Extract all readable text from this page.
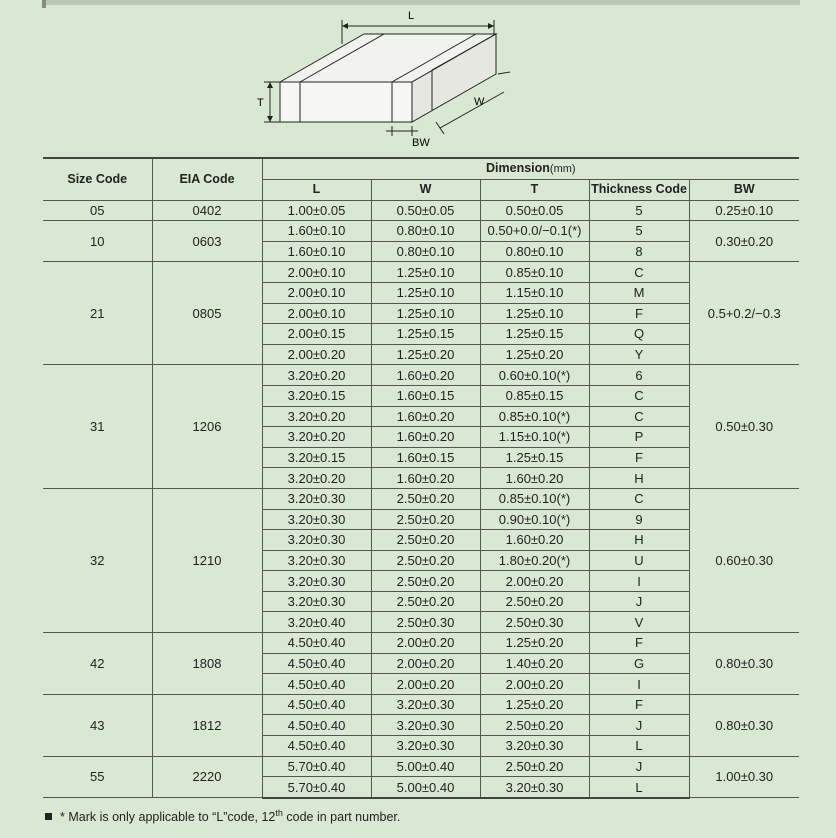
L
T	W
BW
Size Code	EIA Code	Dimension(mm)				
		L	W	T	Thickness Code	BW
05	0402	1.00±0.05	0.50±0.05	0.50±0.05	5	0.25±0.10
10	0603	1.60±0.10	0.80±0.10	0.50+0.0/−0.1(*)	5	0.30±0.20
		1.60±0.10	0.80±0.10	0.80±0.10	8	
21	0805	2.00±0.10	1.25±0.10	0.85±0.10	C	0.5+0.2/−0.3
		2.00±0.10	1.25±0.10	1.15±0.10	M	
		2.00±0.10	1.25±0.10	1.25±0.10	F	
		2.00±0.15	1.25±0.15	1.25±0.15	Q	
		2.00±0.20	1.25±0.20	1.25±0.20	Y	
31	1206	3.20±0.20	1.60±0.20	0.60±0.10(*)	6	0.50±0.30
		3.20±0.15	1.60±0.15	0.85±0.15	C	
		3.20±0.20	1.60±0.20	0.85±0.10(*)	C	
		3.20±0.20	1.60±0.20	1.15±0.10(*)	P	
		3.20±0.15	1.60±0.15	1.25±0.15	F	
		3.20±0.20	1.60±0.20	1.60±0.20	H	
32	1210	3.20±0.30	2.50±0.20	0.85±0.10(*)	C	0.60±0.30
		3.20±0.30	2.50±0.20	0.90±0.10(*)	9	
		3.20±0.30	2.50±0.20	1.60±0.20	H	
		3.20±0.30	2.50±0.20	1.80±0.20(*)	U	
		3.20±0.30	2.50±0.20	2.00±0.20	I	
		3.20±0.30	2.50±0.20	2.50±0.20	J	
		3.20±0.40	2.50±0.30	2.50±0.30	V	
42	1808	4.50±0.40	2.00±0.20	1.25±0.20	F	0.80±0.30
		4.50±0.40	2.00±0.20	1.40±0.20	G	
		4.50±0.40	2.00±0.20	2.00±0.20	I	
43	1812	4.50±0.40	3.20±0.30	1.25±0.20	F	0.80±0.30
		4.50±0.40	3.20±0.30	2.50±0.20	J	
		4.50±0.40	3.20±0.30	3.20±0.30	L	
55	2220	5.70±0.40	5.00±0.40	2.50±0.20	J	1.00±0.30
		5.70±0.40	5.00±0.40	3.20±0.30	L	
* Mark is only applicable to “L”code, 12th code in part number.
